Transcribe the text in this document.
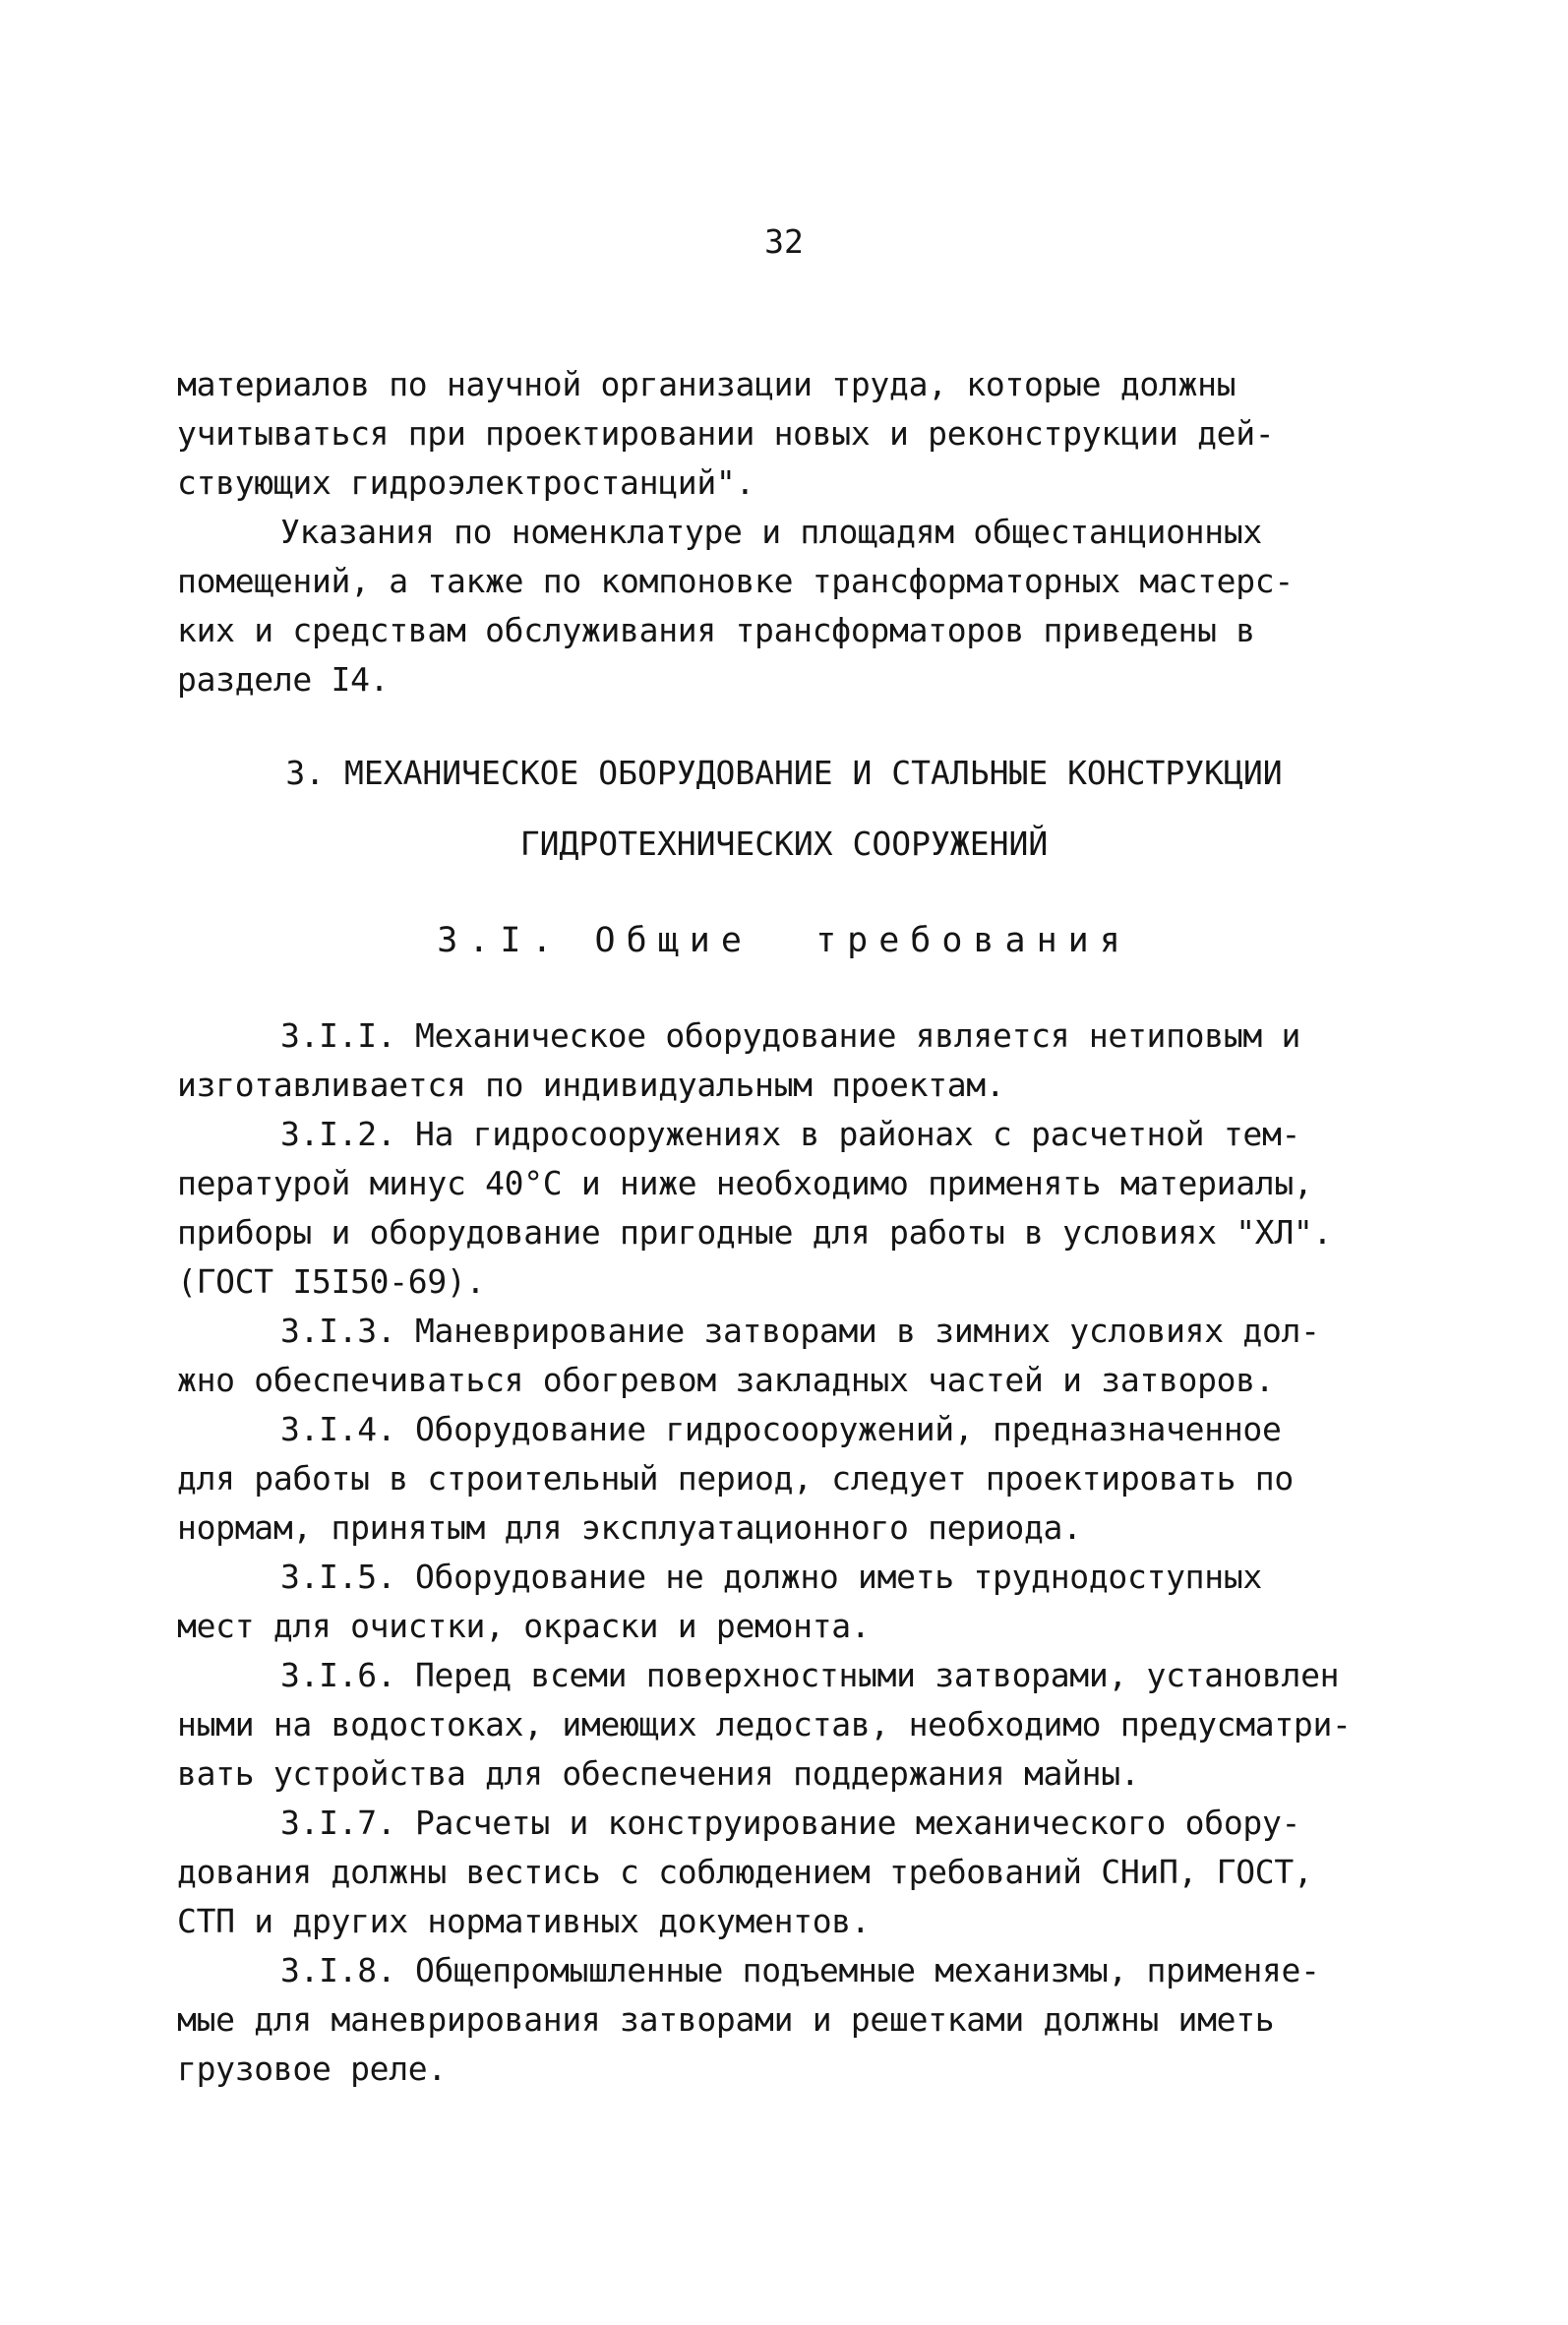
32
материалов по научной организации труда, которые должны
учитываться при проектировании новых и реконструкции дей-
ствующих гидроэлектростанций".
Указания по номенклатуре и площадям общестанционных
помещений, а также по компоновке трансформаторных мастерс-
ких и средствам обслуживания трансформаторов приведены в
разделе I4.
3. МЕХАНИЧЕСКОЕ ОБОРУДОВАНИЕ И СТАЛЬНЫЕ КОНСТРУКЦИИ
ГИДРОТЕХНИЧЕСКИХ СООРУЖЕНИЙ
3.I. Общие  требования
3.I.I. Механическое оборудование является нетиповым и
изготавливается по индивидуальным проектам.
3.I.2. На гидросооружениях в районах с расчетной тем-
пературой минус 40°С и ниже необходимо применять материалы,
приборы и оборудование пригодные для работы в условиях "ХЛ".
(ГОСТ I5I50-69).
3.I.3. Маневрирование затворами в зимних условиях дол-
жно обеспечиваться обогревом закладных частей и затворов.
3.I.4. Оборудование гидросооружений, предназначенное
для работы в строительный период, следует проектировать по
нормам, принятым для эксплуатационного периода.
3.I.5. Оборудование не должно иметь труднодоступных
мест для очистки, окраски и ремонта.
3.I.6. Перед всеми поверхностными затворами, установлен
ными на водостоках, имеющих ледостав, необходимо предусматри-
вать устройства для обеспечения поддержания майны.
3.I.7. Расчеты и конструирование механического обору-
дования должны вестись с соблюдением требований СНиП, ГОСТ,
СТП и других нормативных документов.
3.I.8. Общепромышленные подъемные механизмы, применяе-
мые для маневрирования затворами и решетками должны иметь
грузовое реле.
